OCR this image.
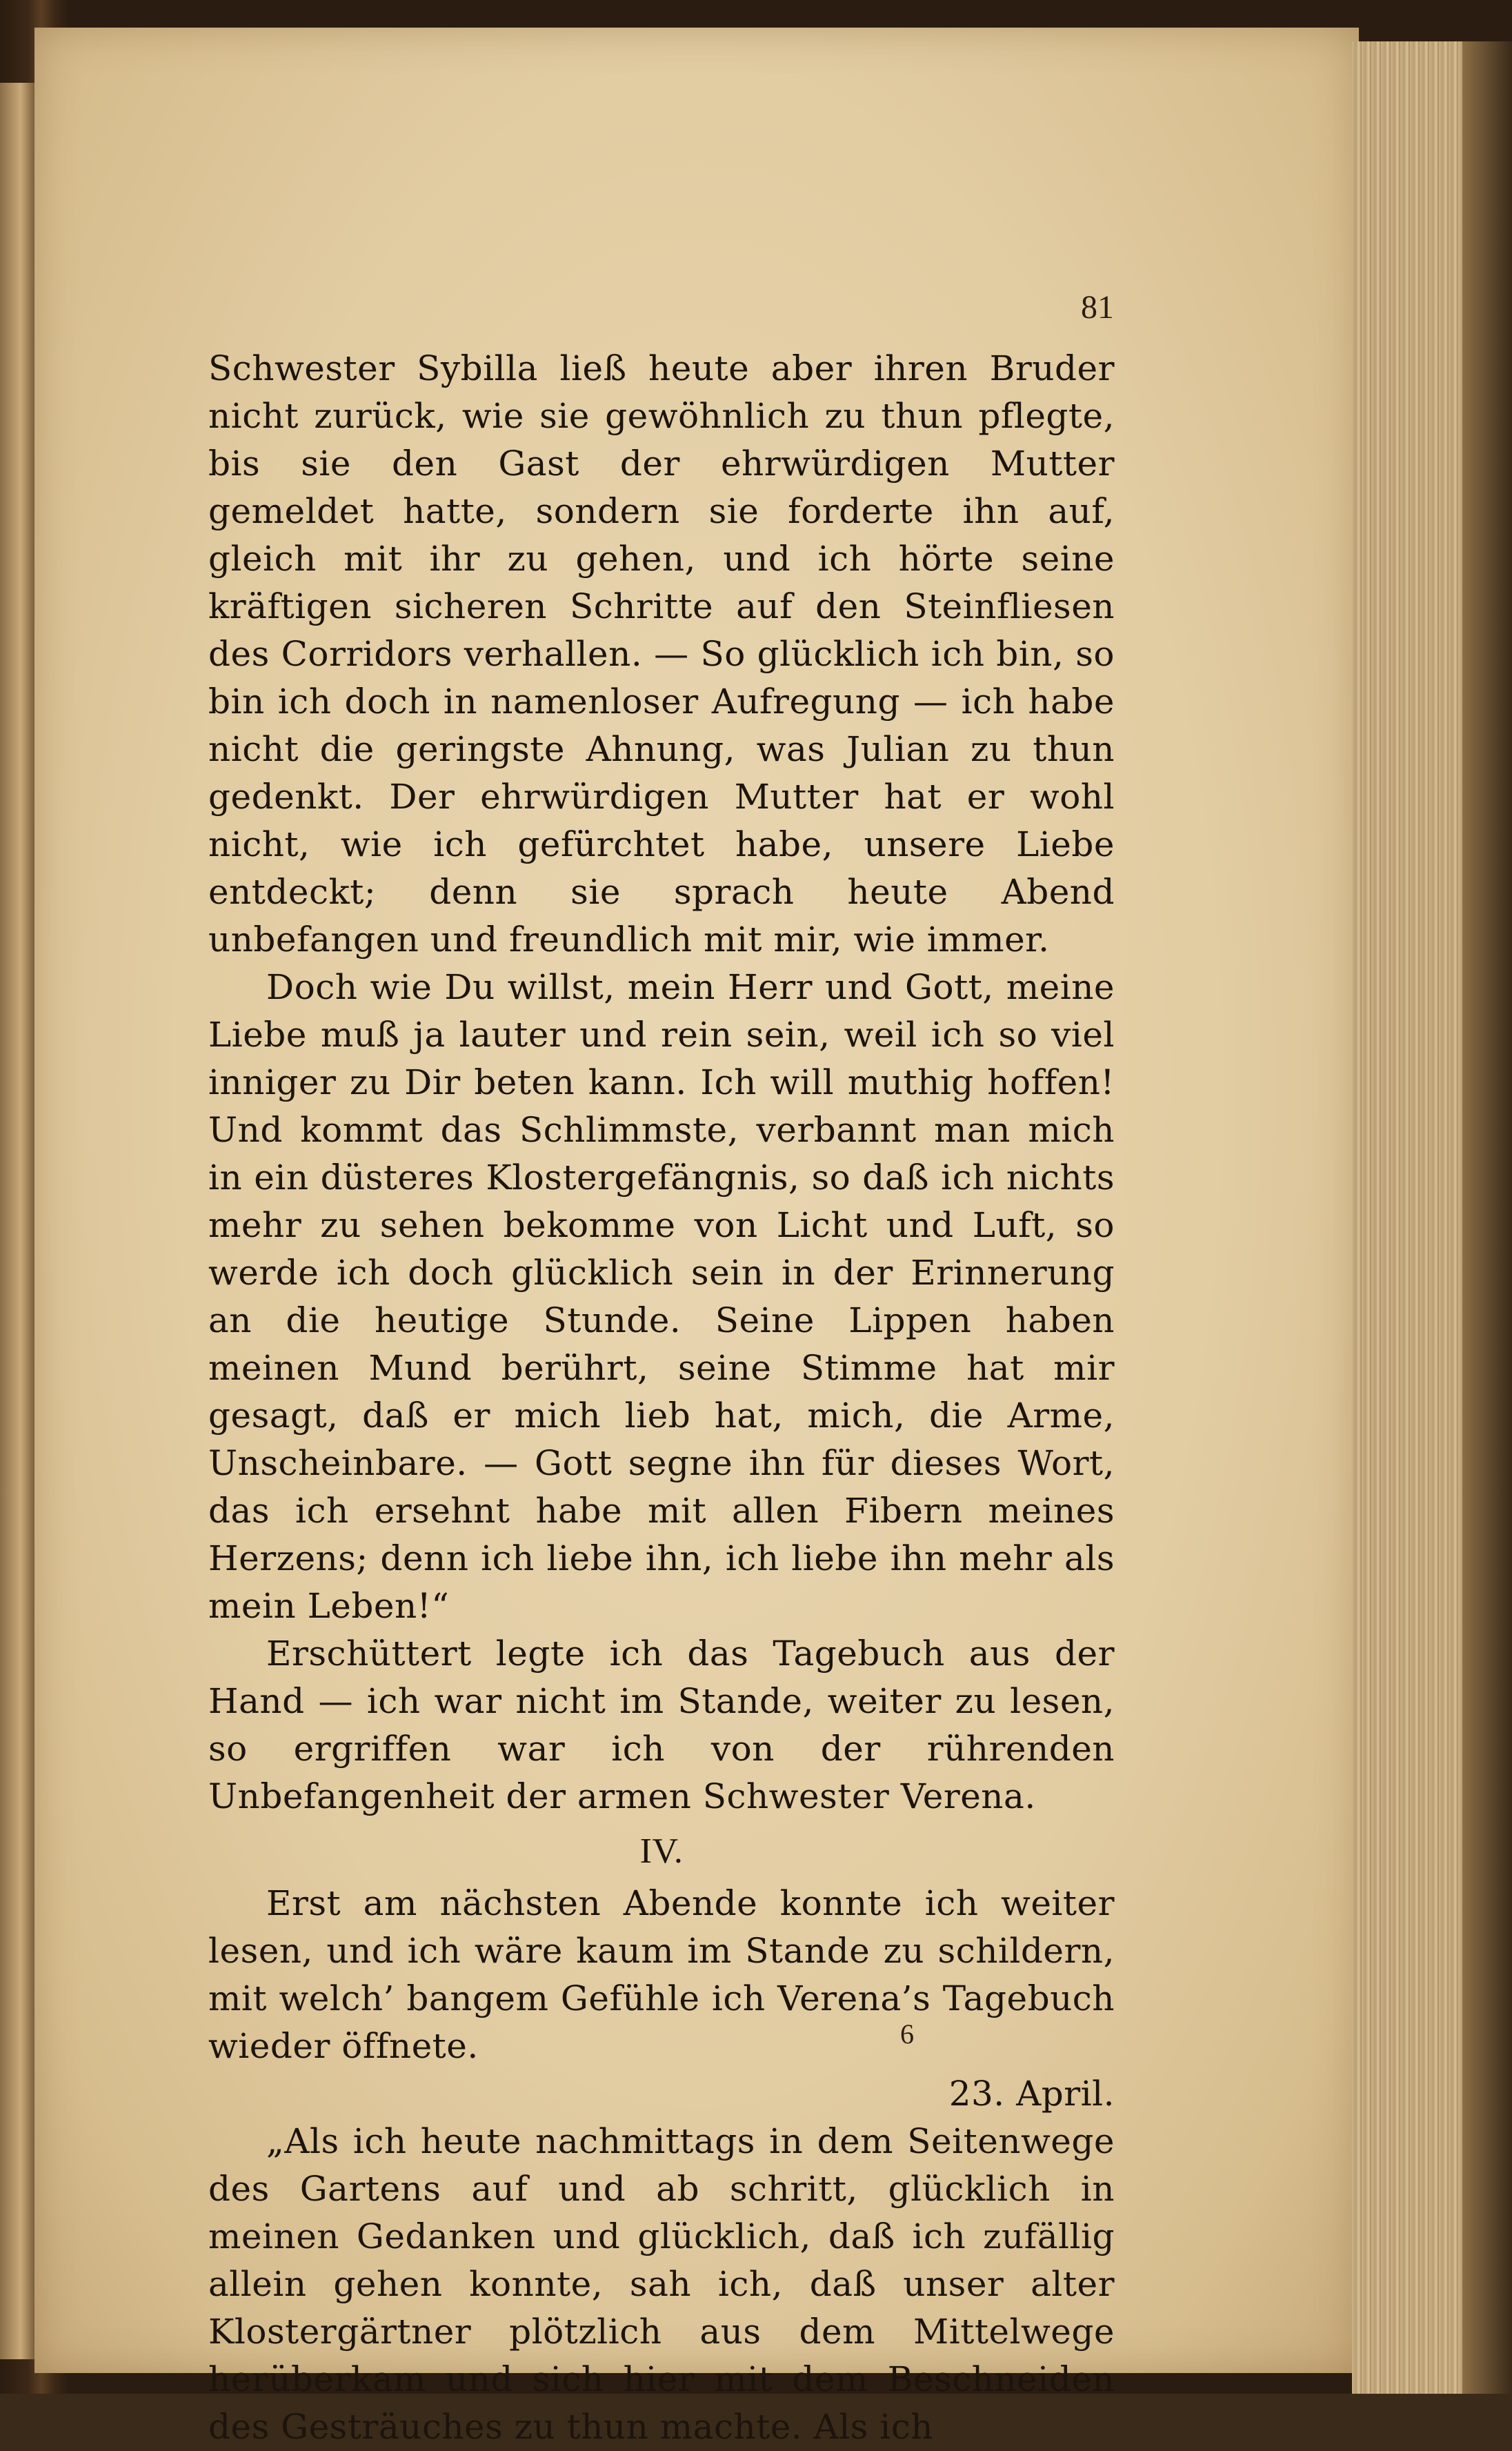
81

Schwester Sybilla ließ heute aber ihren Bruder nicht zurück, wie sie gewöhnlich zu thun pflegte, bis sie den Gast der ehrwürdigen Mutter gemeldet hatte, sondern sie forderte ihn auf, gleich mit ihr zu gehen, und ich hörte seine kräftigen sicheren Schritte auf den Steinfliesen des Corridors verhallen. — So glücklich ich bin, so bin ich doch in namenloser Aufregung — ich habe nicht die geringste Ahnung, was Julian zu thun gedenkt. Der ehrwürdigen Mutter hat er wohl nicht, wie ich gefürchtet habe, unsere Liebe entdeckt; denn sie sprach heute Abend unbefangen und freundlich mit mir, wie immer.

Doch wie Du willst, mein Herr und Gott, meine Liebe muß ja lauter und rein sein, weil ich so viel inniger zu Dir beten kann. Ich will muthig hoffen! Und kommt das Schlimmste, verbannt man mich in ein düsteres Klostergefängnis, so daß ich nichts mehr zu sehen bekomme von Licht und Luft, so werde ich doch glücklich sein in der Erinnerung an die heutige Stunde. Seine Lippen haben meinen Mund berührt, seine Stimme hat mir gesagt, daß er mich lieb hat, mich, die Arme, Unscheinbare. — Gott segne ihn für dieses Wort, das ich ersehnt habe mit allen Fibern meines Herzens; denn ich liebe ihn, ich liebe ihn mehr als mein Leben!“

Erschüttert legte ich das Tagebuch aus der Hand — ich war nicht im Stande, weiter zu lesen, so ergriffen war ich von der rührenden Unbefangenheit der armen Schwester Verena.

IV.

Erst am nächsten Abende konnte ich weiter lesen, und ich wäre kaum im Stande zu schildern, mit welch’ bangem Gefühle ich Verena’s Tagebuch wieder öffnete.

23. April.

„Als ich heute nachmittags in dem Seitenwege des Gartens auf und ab schritt, glücklich in meinen Gedanken und glücklich, daß ich zufällig allein gehen konnte, sah ich, daß unser alter Klostergärtner plötzlich aus dem Mittelwege herüberkam und sich hier mit dem Beschneiden des Gesträuches zu thun machte. Als ich

6
